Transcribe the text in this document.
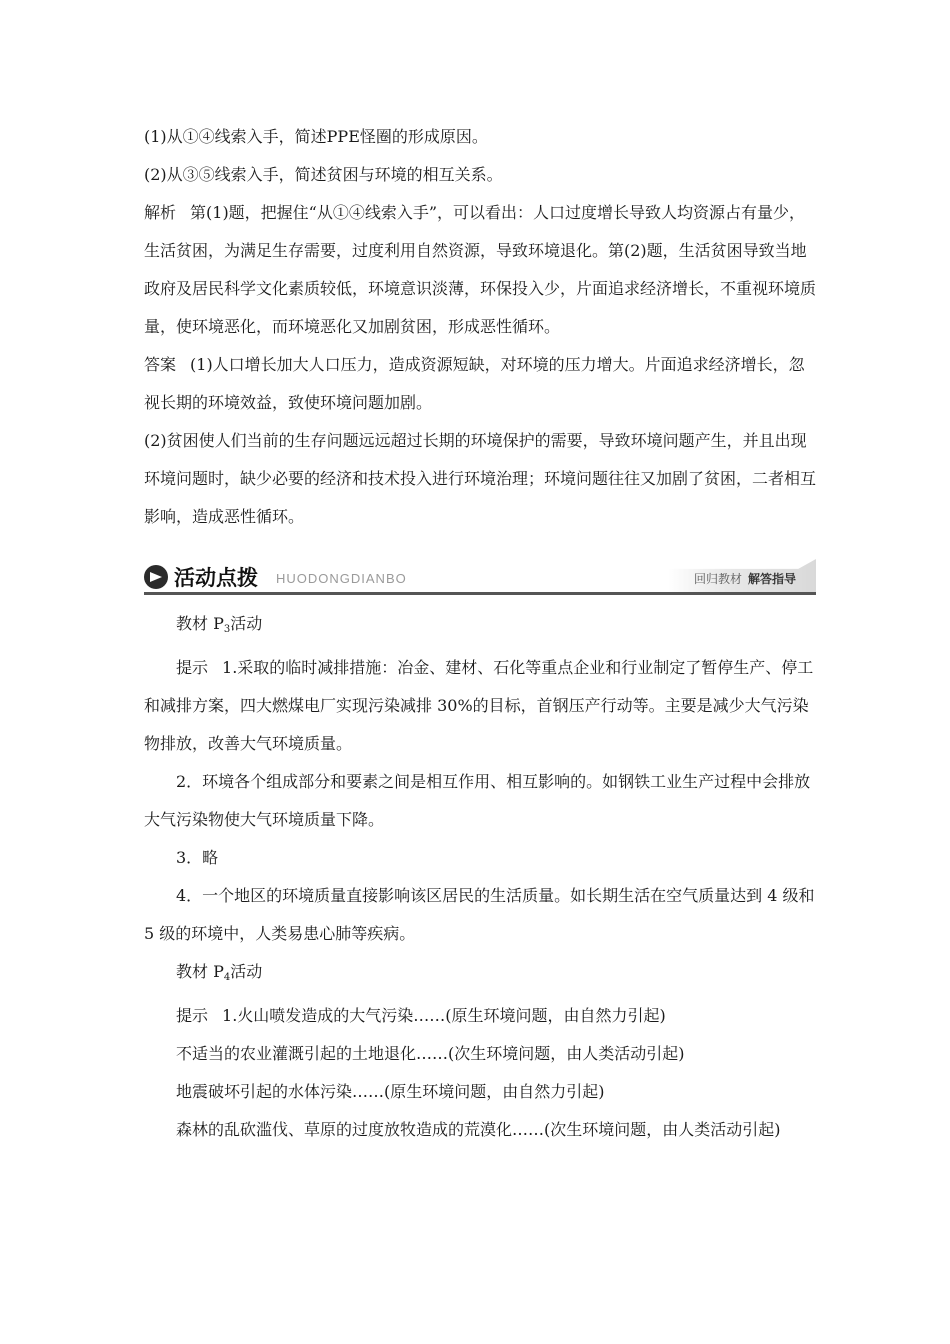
(1)从①④线索入手，简述PPE怪圈的形成原因。

(2)从③⑤线索入手，简述贫困与环境的相互关系。

解析 第(1)题，把握住“从①④线索入手”，可以看出：人口过度增长导致人均资源占有量少，生活贫困，为满足生存需要，过度利用自然资源，导致环境退化。第(2)题，生活贫困导致当地政府及居民科学文化素质较低，环境意识淡薄，环保投入少，片面追求经济增长，不重视环境质量，使环境恶化，而环境恶化又加剧贫困，形成恶性循环。

答案 (1)人口增长加大人口压力，造成资源短缺，对环境的压力增大。片面追求经济增长，忽视长期的环境效益，致使环境问题加剧。

(2)贫困使人们当前的生存问题远远超过长期的环境保护的需要，导致环境问题产生，并且出现环境问题时，缺少必要的经济和技术投入进行环境治理；环境问题往往又加剧了贫困，二者相互影响，造成恶性循环。

活动点拨 HUODONGDIANBO	回归教材 解答指导

教材 $P_3$活动

提示 1.采取的临时减排措施：冶金、建材、石化等重点企业和行业制定了暂停生产、停工和减排方案，四大燃煤电厂实现污染减排 30%的目标，首钢压产行动等。主要是减少大气污染物排放，改善大气环境质量。

2．环境各个组成部分和要素之间是相互作用、相互影响的。如钢铁工业生产过程中会排放大气污染物使大气环境质量下降。

3．略

4．一个地区的环境质量直接影响该区居民的生活质量。如长期生活在空气质量达到 4 级和 5 级的环境中，人类易患心肺等疾病。

教材 $P_4$活动

提示 1.火山喷发造成的大气污染……(原生环境问题，由自然力引起)

不适当的农业灌溉引起的土地退化……(次生环境问题，由人类活动引起)

地震破坏引起的水体污染……(原生环境问题，由自然力引起)

森林的乱砍滥伐、草原的过度放牧造成的荒漠化……(次生环境问题，由人类活动引起)
